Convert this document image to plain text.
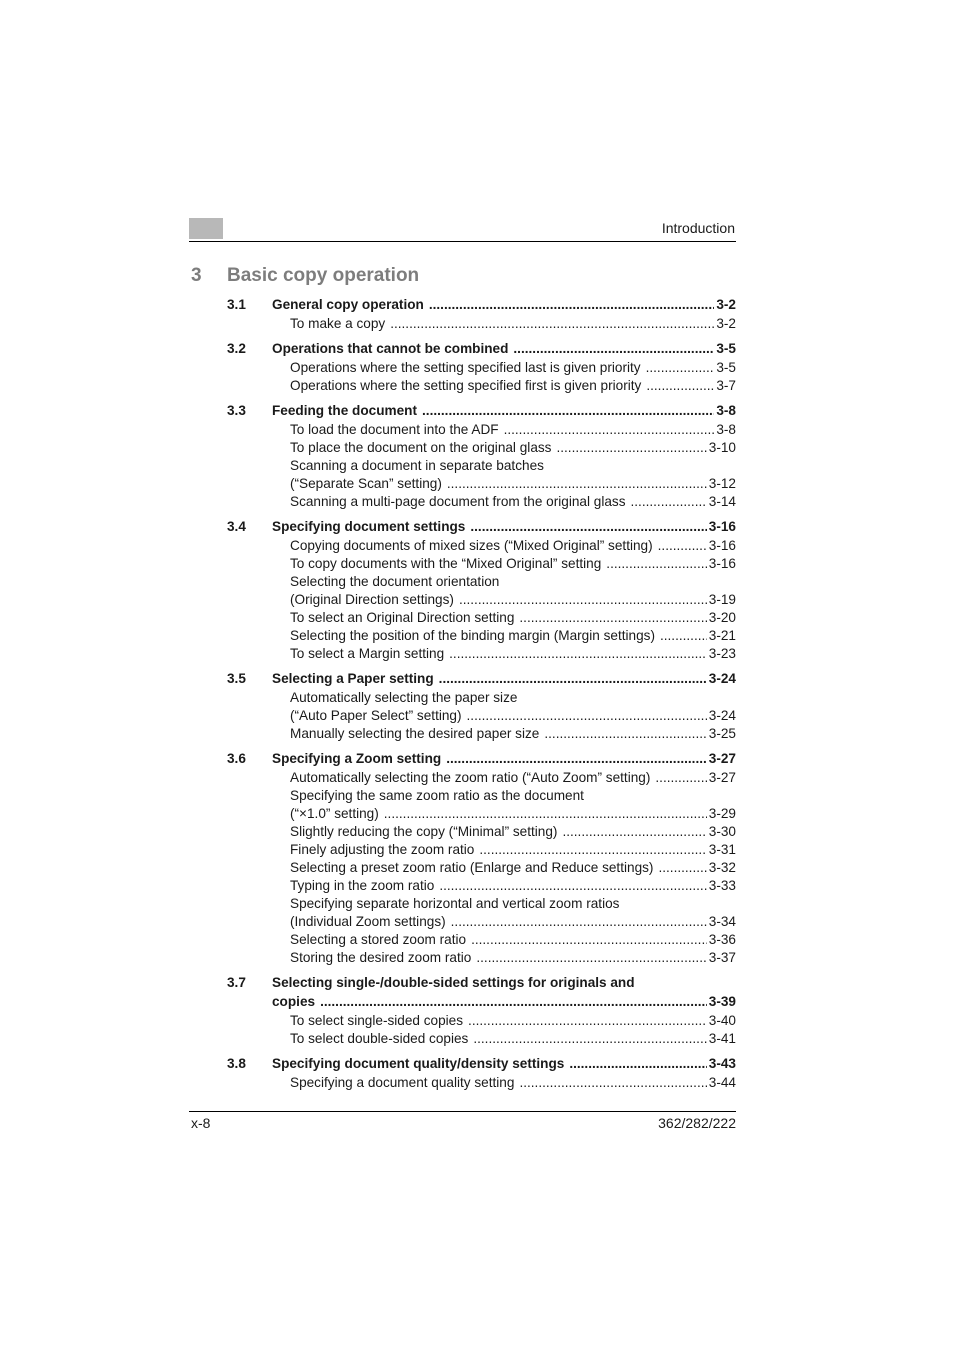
Introduction
3 Basic copy operation
3.1	General copy operation .....	3-2
To make a copy .....	3-2
3.2	Operations that cannot be combined .....	3-5
Operations where the setting specified last is given priority .....	3-5
Operations where the setting specified first is given priority .....	3-7
3.3	Feeding the document .....	3-8
To load the document into the ADF .....	3-8
To place the document on the original glass .....	3-10
Scanning a document in separate batches
(“Separate Scan” setting) .....	3-12
Scanning a multi-page document from the original glass .....	3-14
3.4	Specifying document settings .....	3-16
Copying documents of mixed sizes (“Mixed Original” setting) .....	3-16
To copy documents with the “Mixed Original” setting .....	3-16
Selecting the document orientation
(Original Direction settings) .....	3-19
To select an Original Direction setting .....	3-20
Selecting the position of the binding margin (Margin settings) .....	3-21
To select a Margin setting .....	3-23
3.5	Selecting a Paper setting .....	3-24
Automatically selecting the paper size
(“Auto Paper Select” setting) .....	3-24
Manually selecting the desired paper size .....	3-25
3.6	Specifying a Zoom setting .....	3-27
Automatically selecting the zoom ratio (“Auto Zoom” setting) .....	3-27
Specifying the same zoom ratio as the document
(“×1.0” setting) .....	3-29
Slightly reducing the copy (“Minimal” setting) .....	3-30
Finely adjusting the zoom ratio .....	3-31
Selecting a preset zoom ratio (Enlarge and Reduce settings) .....	3-32
Typing in the zoom ratio .....	3-33
Specifying separate horizontal and vertical zoom ratios
(Individual Zoom settings) .....	3-34
Selecting a stored zoom ratio .....	3-36
Storing the desired zoom ratio .....	3-37
3.7	Selecting single-/double-sided settings for originals and
copies .....	3-39
To select single-sided copies .....	3-40
To select double-sided copies .....	3-41
3.8	Specifying document quality/density settings .....	3-43
Specifying a document quality setting .....	3-44
x-8	362/282/222
